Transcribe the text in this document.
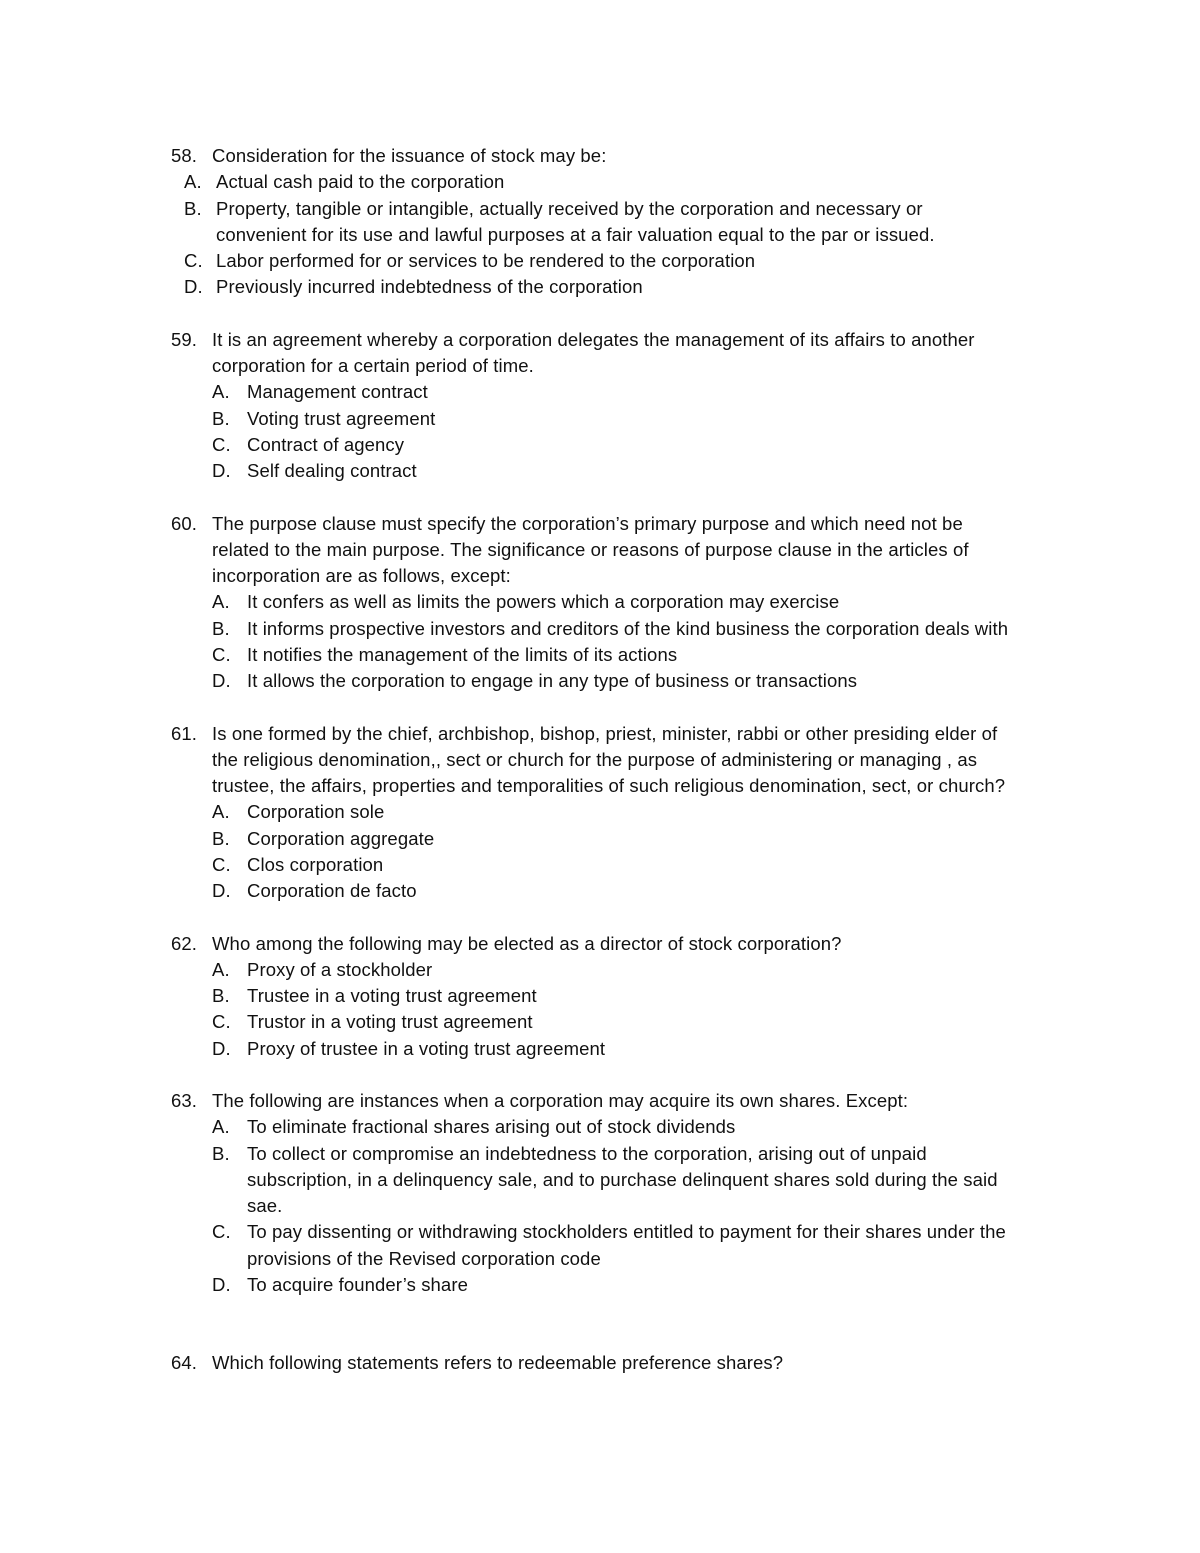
58. Consideration for the issuance of stock may be:
A. Actual cash paid to the corporation
B. Property, tangible or intangible, actually received by the corporation and necessary or
convenient for its use and lawful purposes at a fair valuation equal to the par or issued.
C. Labor performed for or services to be rendered to the corporation
D. Previously incurred indebtedness of the corporation
59. It is an agreement whereby a corporation delegates the management of its affairs to another
corporation for a certain period of time.
A. Management contract
B. Voting trust agreement
C. Contract of agency
D. Self dealing contract
60. The purpose clause must specify the corporation’s primary purpose and which need not be
related to the main purpose. The significance or reasons of purpose clause in the articles of
incorporation are as follows, except:
A. It confers as well as limits the powers which a corporation may exercise
B. It informs prospective investors and creditors of the kind business the corporation deals with
C. It notifies the management of the limits of its actions
D. It allows the corporation to engage in any type of business or transactions
61. Is one formed by the chief, archbishop, bishop, priest, minister, rabbi or other presiding elder of
the religious denomination,, sect or church for the purpose of administering or managing , as
trustee, the affairs, properties and temporalities of such religious denomination, sect, or church?
A. Corporation sole
B. Corporation aggregate
C. Clos corporation
D. Corporation de facto
62. Who among the following may be elected as a director of stock corporation?
A. Proxy of a stockholder
B. Trustee in a voting trust agreement
C. Trustor in a voting trust agreement
D. Proxy of trustee in a voting trust agreement
63. The following are instances when a corporation may acquire its own shares. Except:
A. To eliminate fractional shares arising out of stock dividends
B. To collect or compromise an indebtedness to the corporation, arising out of unpaid
subscription, in a delinquency sale, and to purchase delinquent shares sold during the said
sae.
C. To pay dissenting or withdrawing stockholders entitled to payment for their shares under the
provisions of the Revised corporation code
D. To acquire founder’s share
64. Which following statements refers to redeemable preference shares?
